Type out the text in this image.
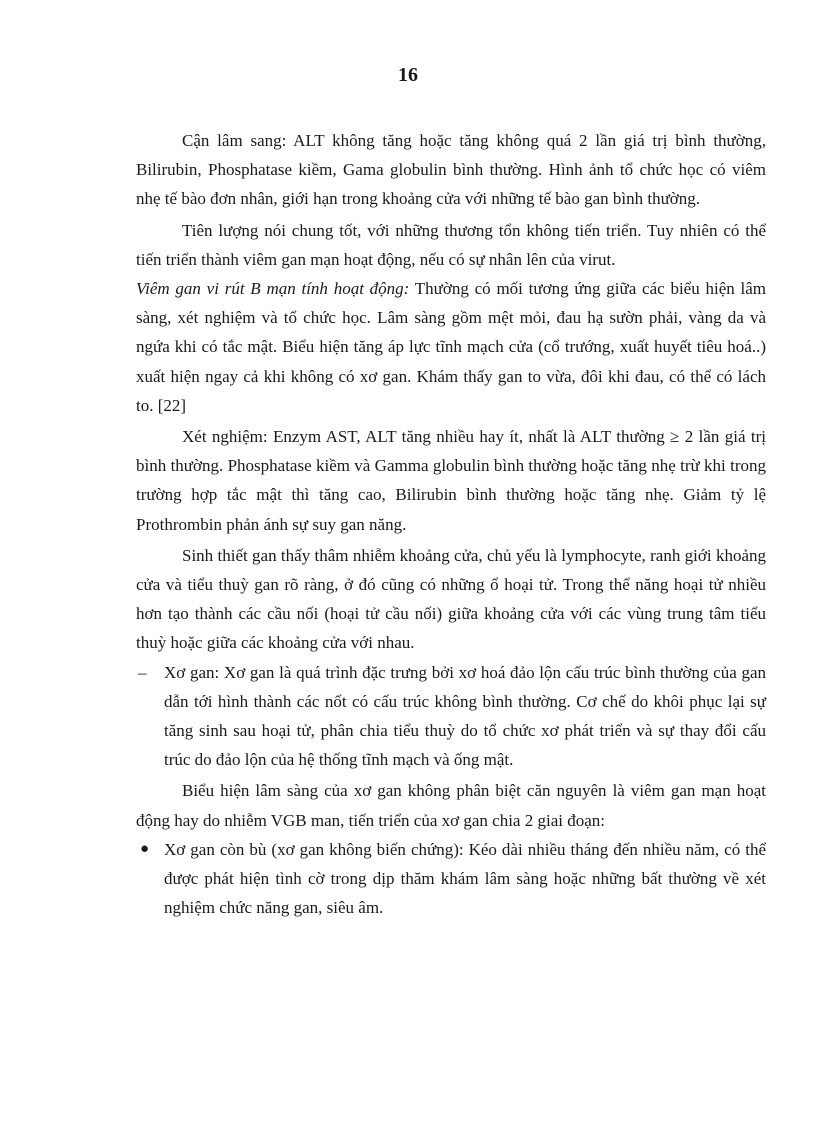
16

Cận lâm sang: ALT không tăng hoặc tăng không quá 2 lần giá trị bình thường, Bilirubin, Phosphatase kiềm, Gama globulin bình thường. Hình ảnh tổ chức học có viêm nhẹ tế bào đơn nhân, giới hạn trong khoảng cửa với những tế bào gan bình thường.

Tiên lượng nói chung tốt, với những thương tổn không tiến triển. Tuy nhiên có thể tiến triển thành viêm gan mạn hoạt động, nếu có sự nhân lên của virut.

Viêm gan vi rút B mạn tính hoạt động: Thường có mối tương ứng giữa các biểu hiện lâm sàng, xét nghiệm và tổ chức học. Lâm sàng gồm mệt mỏi, đau hạ sườn phải, vàng da và ngứa khi có tắc mật. Biểu hiện tăng áp lực tĩnh mạch cửa (cổ trướng, xuất huyết tiêu hoá..) xuất hiện ngay cả khi không có xơ gan. Khám thấy gan to vừa, đôi khi đau, có thể có lách to. [22]

Xét nghiệm: Enzym AST, ALT tăng nhiều hay ít, nhất là ALT thường ≥ 2 lần giá trị bình thường. Phosphatase kiềm và Gamma globulin bình thường hoặc tăng nhẹ trừ khi trong trường hợp tắc mật thì tăng cao, Bilirubin bình thường hoặc tăng nhẹ. Giảm tỷ lệ Prothrombin phản ánh sự suy gan năng.

Sinh thiết gan thấy thâm nhiễm khoảng cửa, chủ yếu là lymphocyte, ranh giới khoảng cửa và tiểu thuỳ gan rõ ràng, ở đó cũng có những ổ hoại tử. Trong thể năng hoại tử nhiều hơn tạo thành các cầu nối (hoại tử cầu nối) giữa khoảng cửa với các vùng trung tâm tiểu thuỳ hoặc giữa các khoảng cửa với nhau.

– Xơ gan: Xơ gan là quá trình đặc trưng bởi xơ hoá đảo lộn cấu trúc bình thường của gan dẫn tới hình thành các nốt có cấu trúc không bình thường. Cơ chế do khôi phục lại sự tăng sinh sau hoại tử, phân chia tiểu thuỳ do tổ chức xơ phát triển và sự thay đổi cấu trúc do đảo lộn của hệ thống tĩnh mạch và ống mật.

Biểu hiện lâm sàng của xơ gan không phân biệt căn nguyên là viêm gan mạn hoạt động hay do nhiễm VGB man, tiến triển của xơ gan chia 2 giai đoạn:

● Xơ gan còn bù (xơ gan không biến chứng): Kéo dài nhiều tháng đến nhiều năm, có thể được phát hiện tình cờ trong dịp thăm khám lâm sàng hoặc những bất thường về xét nghiệm chức năng gan, siêu âm.
